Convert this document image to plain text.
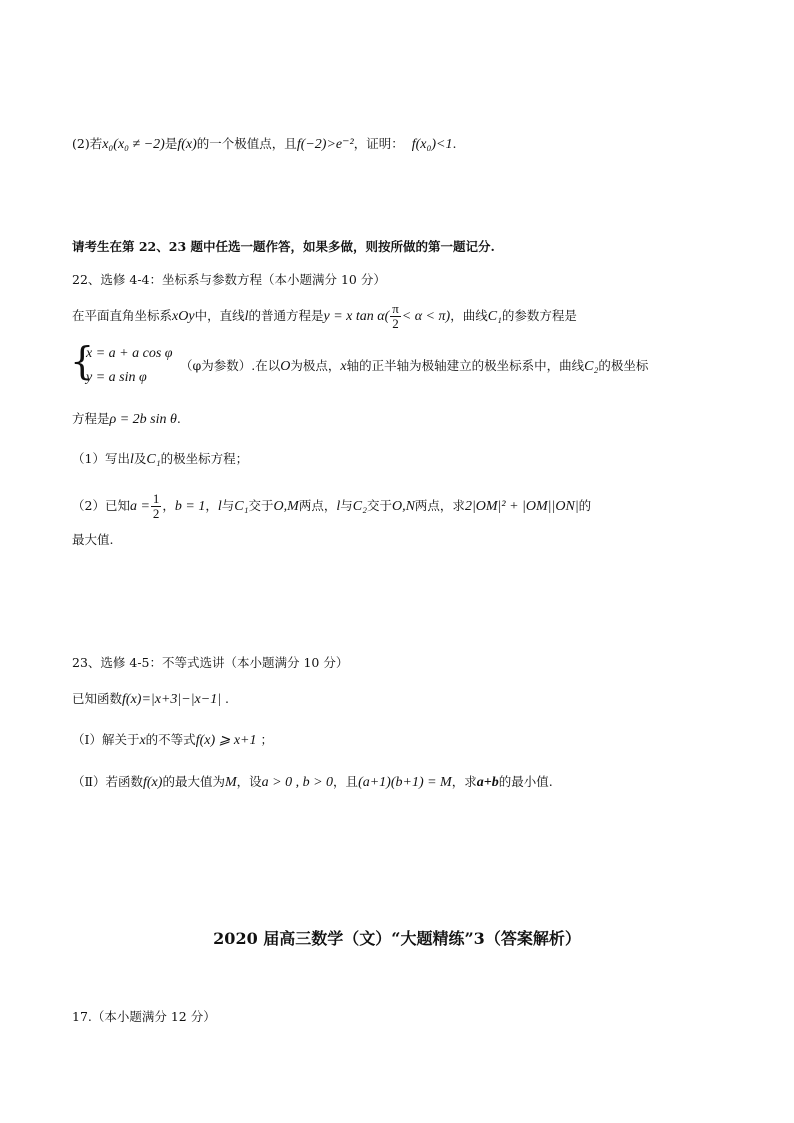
(2)若x₀(x₀ ≠ −2)是f(x)的一个极值点，且f(−2)>e⁻²，证明： f(x₀)<1.
请考生在第 22、23 题中任选一题作答，如果多做，则按所做的第一题记分.
22、选修 4-4：坐标系与参数方程（本小题满分 10 分）
在平面直角坐标系xOy中，直线l的普通方程是y = x $\tan \alpha( \frac{\pi}{2} < \alpha < \pi)$，曲线C₁的参数方程是
{
x = a + a cos φ
y = a sin φ
（φ为参数）.在以O为极点，x轴的正半轴为极轴建立的极坐标系中，曲线C₂的极坐标
方程是ρ = 2b sin θ.
（1）写出l及C₁的极坐标方程；
（2）已知$a = \frac{1}{2}$ ，b = 1，l与C₁交于O,M两点，l与C₂交于O,N两点，求2|OM|² + |OM||ON|的
最大值.
23、选修 4-5：不等式选讲（本小题满分 10 分）
已知函数f(x)=|x+3|−|x−1| .
（Ⅰ）解关于x的不等式f(x) ⩾ x+1 ；
（Ⅱ）若函数f(x)的最大值为M，设a > 0 , b > 0，且(a+1)(b+1) = M，求a+b的最小值.
2020 届高三数学（文）“大题精练”3（答案解析）
17.（本小题满分 12 分）
